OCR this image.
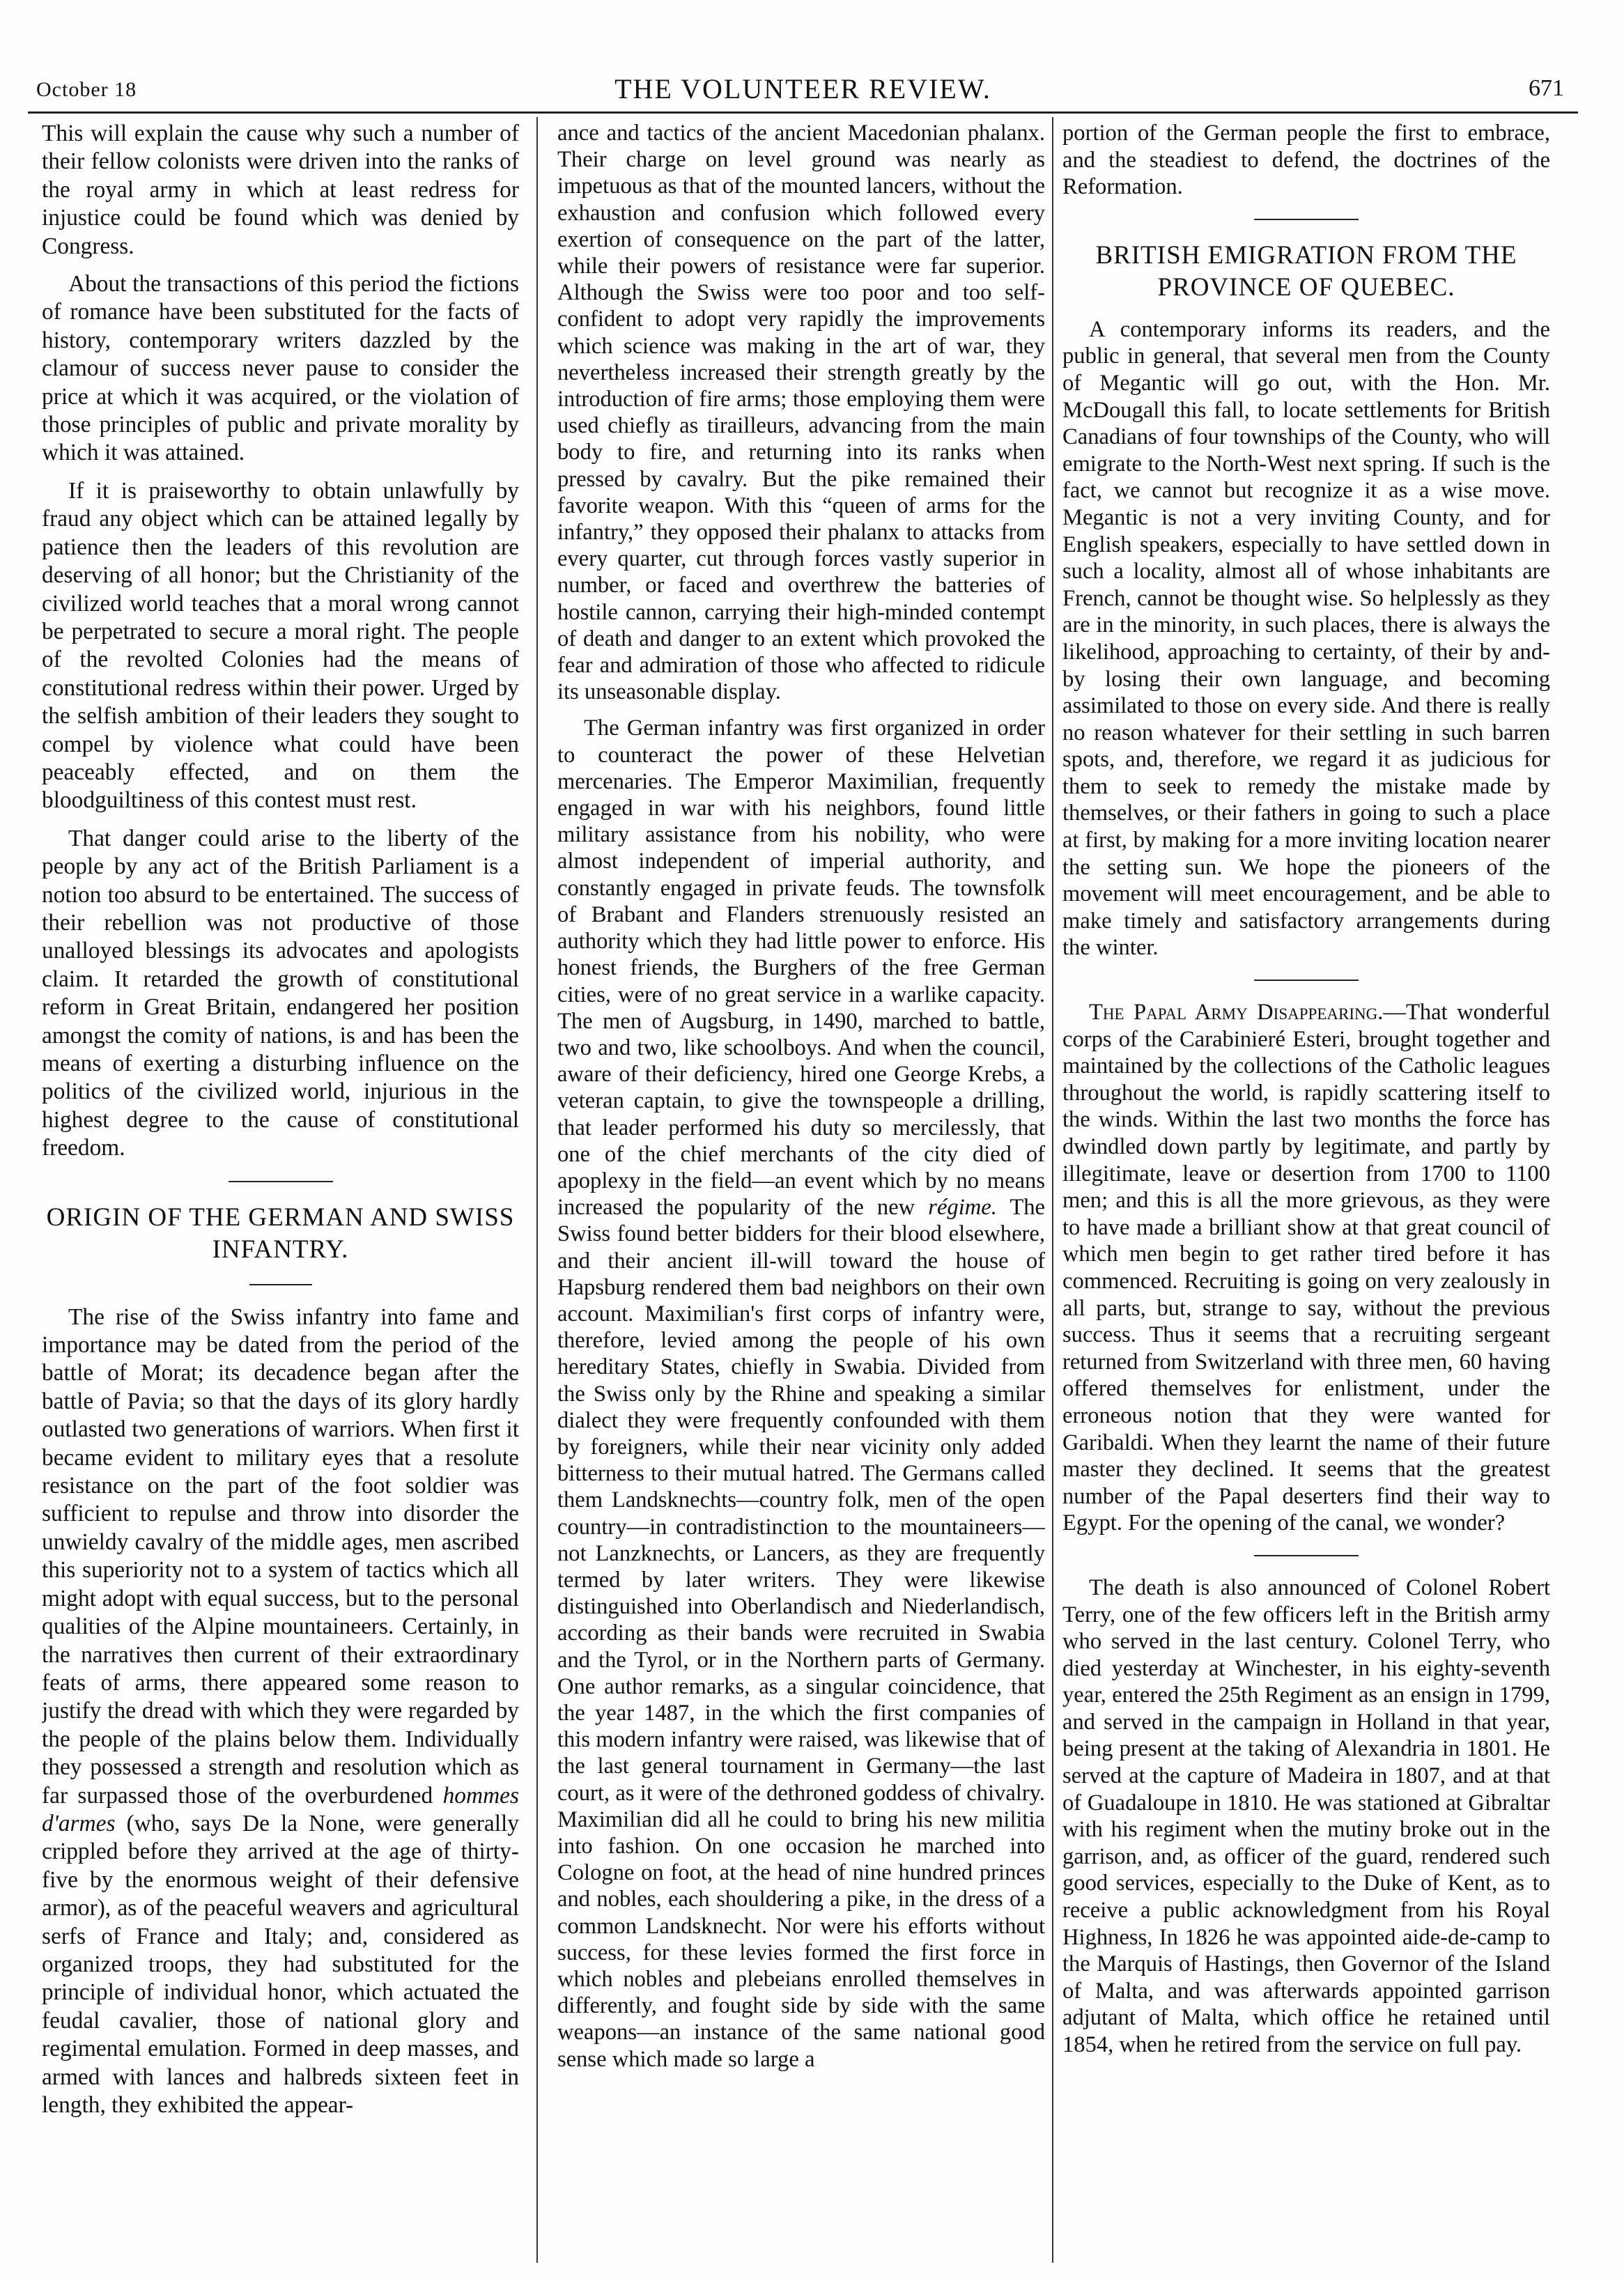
October 18	THE VOLUNTEER REVIEW.	671

This will explain the cause why such a number of their fellow colonists were driven into the ranks of the royal army in which at least redress for injustice could be found which was denied by Congress.

About the transactions of this period the fictions of romance have been substituted for the facts of history, contemporary writers dazzled by the clamour of success never pause to consider the price at which it was acquired, or the violation of those principles of public and private morality by which it was attained.

If it is praiseworthy to obtain unlawfully by fraud any object which can be attained legally by patience then the leaders of this revolution are deserving of all honor; but the Christianity of the civilized world teaches that a moral wrong cannot be perpetrated to secure a moral right. The people of the revolted Colonies had the means of constitutional redress within their power. Urged by the selfish ambition of their leaders they sought to compel by violence what could have been peaceably effected, and on them the bloodguiltiness of this contest must rest.

That danger could arise to the liberty of the people by any act of the British Parliament is a notion too absurd to be entertained. The success of their rebellion was not productive of those unalloyed blessings its advocates and apologists claim. It retarded the growth of constitutional reform in Great Britain, endangered her position amongst the comity of nations, is and has been the means of exerting a disturbing influence on the politics of the civilized world, injurious in the highest degree to the cause of constitutional freedom.

ORIGIN OF THE GERMAN AND SWISS INFANTRY.

The rise of the Swiss infantry into fame and importance may be dated from the period of the battle of Morat; its decadence began after the battle of Pavia; so that the days of its glory hardly outlasted two generations of warriors. When first it became evident to military eyes that a resolute resistance on the part of the foot soldier was sufficient to repulse and throw into disorder the unwieldy cavalry of the middle ages, men ascribed this superiority not to a system of tactics which all might adopt with equal success, but to the personal qualities of the Alpine mountaineers. Certainly, in the narratives then current of their extraordinary feats of arms, there appeared some reason to justify the dread with which they were regarded by the people of the plains below them. Individually they possessed a strength and resolution which as far surpassed those of the overburdened hommes d'armes (who, says De la None, were generally crippled before they arrived at the age of thirty-five by the enormous weight of their defensive armor), as of the peaceful weavers and agricultural serfs of France and Italy; and, considered as organized troops, they had substituted for the principle of individual honor, which actuated the feudal cavalier, those of national glory and regimental emulation. Formed in deep masses, and armed with lances and halbreds sixteen feet in length, they exhibited the appear-

ance and tactics of the ancient Macedonian phalanx. Their charge on level ground was nearly as impetuous as that of the mounted lancers, without the exhaustion and confusion which followed every exertion of consequence on the part of the latter, while their powers of resistance were far superior. Although the Swiss were too poor and too self-confident to adopt very rapidly the improvements which science was making in the art of war, they nevertheless increased their strength greatly by the introduction of fire arms; those employing them were used chiefly as tirailleurs, advancing from the main body to fire, and returning into its ranks when pressed by cavalry. But the pike remained their favorite weapon. With this “queen of arms for the infantry,” they opposed their phalanx to attacks from every quarter, cut through forces vastly superior in number, or faced and overthrew the batteries of hostile cannon, carrying their high-minded contempt of death and danger to an extent which provoked the fear and admiration of those who affected to ridicule its unseasonable display.

The German infantry was first organized in order to counteract the power of these Helvetian mercenaries. The Emperor Maximilian, frequently engaged in war with his neighbors, found little military assistance from his nobility, who were almost independent of imperial authority, and constantly engaged in private feuds. The townsfolk of Brabant and Flanders strenuously resisted an authority which they had little power to enforce. His honest friends, the Burghers of the free German cities, were of no great service in a warlike capacity. The men of Augsburg, in 1490, marched to battle, two and two, like schoolboys. And when the council, aware of their deficiency, hired one George Krebs, a veteran captain, to give the townspeople a drilling, that leader performed his duty so mercilessly, that one of the chief merchants of the city died of apoplexy in the field—an event which by no means increased the popularity of the new régime. The Swiss found better bidders for their blood elsewhere, and their ancient ill-will toward the house of Hapsburg rendered them bad neighbors on their own account. Maximilian's first corps of infantry were, therefore, levied among the people of his own hereditary States, chiefly in Swabia. Divided from the Swiss only by the Rhine and speaking a similar dialect they were frequently confounded with them by foreigners, while their near vicinity only added bitterness to their mutual hatred. The Germans called them Landsknechts—country folk, men of the open country—in contradistinction to the mountaineers—not Lanzknechts, or Lancers, as they are frequently termed by later writers. They were likewise distinguished into Oberlandisch and Niederlandisch, according as their bands were recruited in Swabia and the Tyrol, or in the Northern parts of Germany. One author remarks, as a singular coincidence, that the year 1487, in the which the first companies of this modern infantry were raised, was likewise that of the last general tournament in Germany—the last court, as it were of the dethroned goddess of chivalry. Maximilian did all he could to bring his new militia into fashion. On one occasion he marched into Cologne on foot, at the head of nine hundred princes and nobles, each shouldering a pike, in the dress of a common Landsknecht. Nor were his efforts without success, for these levies formed the first force in which nobles and plebeians enrolled themselves in differently, and fought side by side with the same weapons—an instance of the same national good sense which made so large a

portion of the German people the first to embrace, and the steadiest to defend, the doctrines of the Reformation.

BRITISH EMIGRATION FROM THE PROVINCE OF QUEBEC.

A contemporary informs its readers, and the public in general, that several men from the County of Megantic will go out, with the Hon. Mr. McDougall this fall, to locate settlements for British Canadians of four townships of the County, who will emigrate to the North-West next spring. If such is the fact, we cannot but recognize it as a wise move. Megantic is not a very inviting County, and for English speakers, especially to have settled down in such a locality, almost all of whose inhabitants are French, cannot be thought wise. So helplessly as they are in the minority, in such places, there is always the likelihood, approaching to certainty, of their by and-by losing their own language, and becoming assimilated to those on every side. And there is really no reason whatever for their settling in such barren spots, and, therefore, we regard it as judicious for them to seek to remedy the mistake made by themselves, or their fathers in going to such a place at first, by making for a more inviting location nearer the setting sun. We hope the pioneers of the movement will meet encouragement, and be able to make timely and satisfactory arrangements during the winter.

The Papal Army Disappearing.—That wonderful corps of the Carabinieré Esteri, brought together and maintained by the collections of the Catholic leagues throughout the world, is rapidly scattering itself to the winds. Within the last two months the force has dwindled down partly by legitimate, and partly by illegitimate, leave or desertion from 1700 to 1100 men; and this is all the more grievous, as they were to have made a brilliant show at that great council of which men begin to get rather tired before it has commenced. Recruiting is going on very zealously in all parts, but, strange to say, without the previous success. Thus it seems that a recruiting sergeant returned from Switzerland with three men, 60 having offered themselves for enlistment, under the erroneous notion that they were wanted for Garibaldi. When they learnt the name of their future master they declined. It seems that the greatest number of the Papal deserters find their way to Egypt. For the opening of the canal, we wonder?

The death is also announced of Colonel Robert Terry, one of the few officers left in the British army who served in the last century. Colonel Terry, who died yesterday at Winchester, in his eighty-seventh year, entered the 25th Regiment as an ensign in 1799, and served in the campaign in Holland in that year, being present at the taking of Alexandria in 1801. He served at the capture of Madeira in 1807, and at that of Guadaloupe in 1810. He was stationed at Gibraltar with his regiment when the mutiny broke out in the garrison, and, as officer of the guard, rendered such good services, especially to the Duke of Kent, as to receive a public acknowledgment from his Royal Highness, In 1826 he was appointed aide-de-camp to the Marquis of Hastings, then Governor of the Island of Malta, and was afterwards appointed garrison adjutant of Malta, which office he retained until 1854, when he retired from the service on full pay.
